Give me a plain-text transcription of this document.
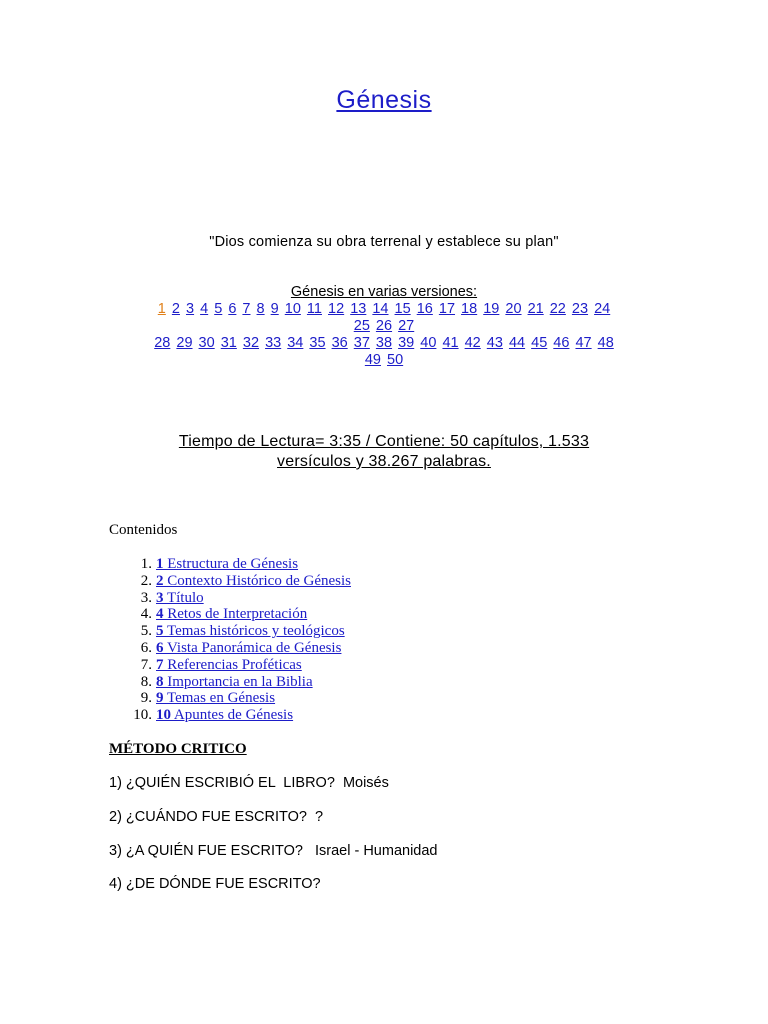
Génesis
"Dios comienza su obra terrenal y establece su plan"
Génesis en varias versiones:
1 2 3 4 5 6 7 8 9 10 11 12 13 14 15 16 17 18 19 20 21 22 23 24
25 26 27
28 29 30 31 32 33 34 35 36 37 38 39 40 41 42 43 44 45 46 47 48
49 50
Tiempo de Lectura= 3:35 / Contiene: 50 capítulos, 1.533
versículos y 38.267 palabras.
Contenidos
1. 1 Estructura de Génesis
2. 2 Contexto Histórico de Génesis
3. 3 Título
4. 4 Retos de Interpretación
5. 5 Temas históricos y teológicos
6. 6 Vista Panorámica de Génesis
7. 7 Referencias Proféticas
8. 8 Importancia en la Biblia
9. 9 Temas en Génesis
10. 10 Apuntes de Génesis
MÉTODO CRITICO
1) ¿QUIÉN ESCRIBIÓ EL  LIBRO?  Moisés
2) ¿CUÁNDO FUE ESCRITO?  ?
3) ¿A QUIÉN FUE ESCRITO?   Israel - Humanidad
4) ¿DE DÓNDE FUE ESCRITO?
